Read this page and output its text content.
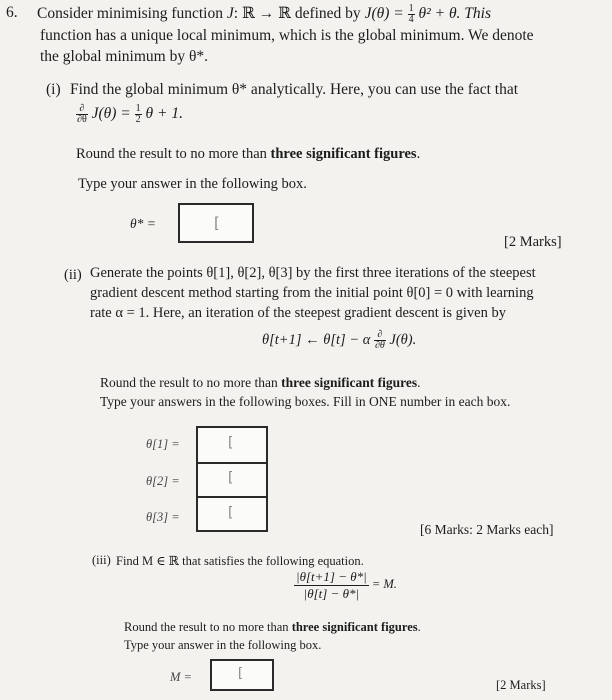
6. Consider minimising function J: ℝ → ℝ defined by $J(\theta) = \frac{1}{4} \theta^2 + \theta$. This
function has a unique local minimum, which is the global minimum. We denote
the global minimum by θ*.
(i) Find the global minimum θ* analytically. Here, you can use the fact that
$\frac{\partial}{\partial\theta} J(\theta) = \frac{1}{2}$ θ + 1.
Round the result to no more than three significant figures.
Type your answer in the following box.
θ* =	[
[2 Marks]
(ii) Generate the points θ[1], θ[2], θ[3] by the first three iterations of the steepest
gradient descent method starting from the initial point θ[0] = 0 with learning
rate α = 1. Here, an iteration of the steepest gradient descent is given by
θ[t+1] ← θ[t] − α $\frac{\partial}{\partial\theta} J(\theta)$.
Round the result to no more than three significant figures.
Type your answers in the following boxes. Fill in ONE number in each box.
θ[1] =
θ[2] =
θ[3] =
[
[
[
[6 Marks: 2 Marks each]
(iii) Find M ∈ ℝ that satisfies the following equation.
$\frac{|\theta[t+1] - \theta*|}{|\theta[t] - \theta*|} = M$.
Round the result to no more than three significant figures.
Type your answer in the following box.
M =	[
[2 Marks]
